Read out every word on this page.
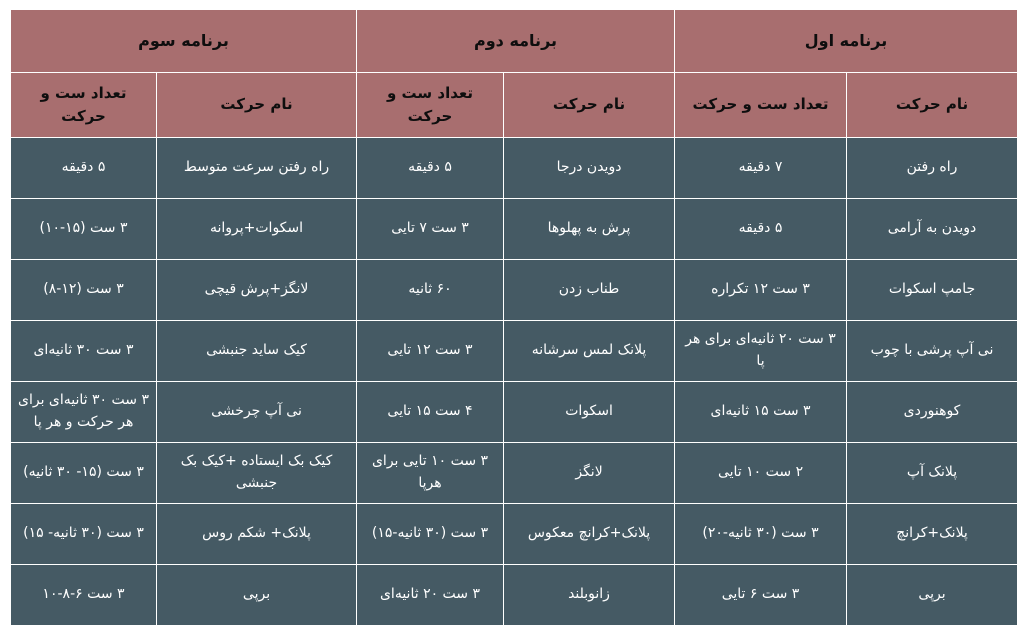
برنامه اول		برنامه دوم		برنامه سوم	
نام حرکت	تعداد ست و حرکت	نام حرکت	تعداد ست و حرکت	نام حرکت	تعداد ست و حرکت
راه رفتن	۷ دقیقه	دویدن درجا	۵ دقیقه	راه رفتن سرعت متوسط	۵ دقیقه
دویدن به آرامی	۵ دقیقه	پرش به پهلوها	۳ ست ۷ تایی	اسکوات+پروانه	۳ ست (۱۵-۱۰)
جامپ اسکوات	۳ ست ۱۲ تکراره	طناب زدن	۶۰ ثانیه	لانگز+پرش قیچی	۳ ست (۱۲-۸)
نی آپ پرشی با چوب	۳ ست ۲۰ ثانیه‌ای برای هر پا	پلانک لمس سرشانه	۳ ست ۱۲ تایی	کیک ساید جنبشی	۳ ست ۳۰ ثانیه‌ای
کوهنوردی	۳ ست ۱۵ ثانیه‌ای	اسکوات	۴ ست ۱۵ تایی	نی آپ چرخشی	۳ ست ۳۰ ثانیه‌ای برای هر حرکت و هر پا
پلانک آپ	۲ ست ۱۰ تایی	لانگز	۳ ست ۱۰ تایی برای هرپا	کیک بک ایستاده +کیک بک جنبشی	۳ ست (۱۵- ۳۰ ثانیه)
پلانک+کرانچ	۳ ست (۳۰ ثانیه-۲۰)	پلانک+کرانچ معکوس	۳ ست (۳۰ ثانیه-۱۵)	پلانک+ شکم روس	۳ ست (۳۰ ثانیه- ۱۵)
برپی	۳ ست ۶ تایی	زانوبلند	۳ ست ۲۰ ثانیه‌ای	برپی	۳ ست ۶-۸-۱۰
